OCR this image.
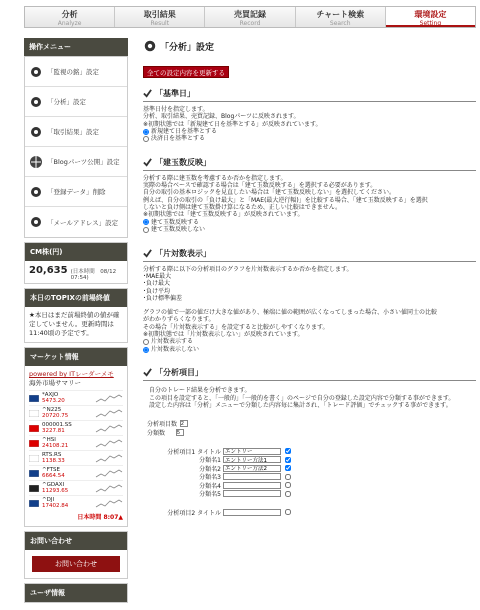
分析
Analyze
取引結果
Result
売買記録
Record
チャート検索
Search
環境設定
Setting
操作メニュー
「監視の銘」設定
「分析」設定
「取引結果」設定
「Blogパーツ公開」設定
「登録データ」削除
「メールアドレス」設定
CM株(円)
20,635 (日本時間　08/12 07:54)
本日のTOPIXの前場終値
★本日はまだ前場終値の値が確定していません。更新時間は11:40頃の予定です。
マーケット情報
powered by ITレーダーメモ
海外市場サマリー
*AXJO
5473.20
^N225
20720.75
000001.SS
3227.81
^HSI
24108.21
RTS.RS
1138.33
^FTSE
6664.54
^GDAXI
11293.65
^DJI
17402.84
日本時間 8:07▲
お問い合わせ
お問い合わせ
ユーザ情報
「分析」設定
全ての設定内容を更新する
「基準日」
基準日付を指定します。
分析、取引結果、売買記録、Blogパーツに反映されます。
※初期状態では「新規建て日を基準とする」が反映されています。
新規建て日を基準とする
決済日を基準とする
「建玉数反映」
分析する際に建玉数を考慮するか否かを指定します。
実際の場合ベースで確認する場合は「建て玉数反映する」を選択する必要があります。
自分の取引の基本ロジックを見直したい場合は「建て玉数反映しない」を選択してください。
例えば、自分の取引の「負け最大」と「MAE(最大逆行幅)」を比較する場合、「建て玉数反映する」を選択
しないと負け側は建て玉数掛け算になるため、正しい比較はできません。
※初期状態では「建て玉数反映する」が反映されています。
建て玉数反映する
建て玉数反映しない
「片対数表示」
分析する際に以下の分析項目のグラフを片対数表示するか否かを指定します。
･MAE最大
･負け最大
･負け平均
･負け標準偏差
グラフの値で一部の値だけ大きな値があり、極端に値の範囲が広くなってしまった場合、小さい値同士の比較
がわかりずらくなります。
その場合「片対数表示する」を設定すると比較がしやすくなります。
※初期状態では「片対数表示しない」が反映されています。
片対数表示する
片対数表示しない
「分析項目」
自分のトレード結果を分析できます。
この項目を設定すると、「一般的」「一般的を書く」のページで自分の登録した設定内容で分類する事ができます。
設定した内容は「分析」メニューで分類した内容毎に集計され、「トレード評価」でチェックする事ができます。
分析項目数
2
分類数
5
分析項目1 タイトル
エントリー
分類名1
エントリー方法1
分類名2
エントリー方法2
分類名3
分類名4
分類名5
分析項目2 タイトル
